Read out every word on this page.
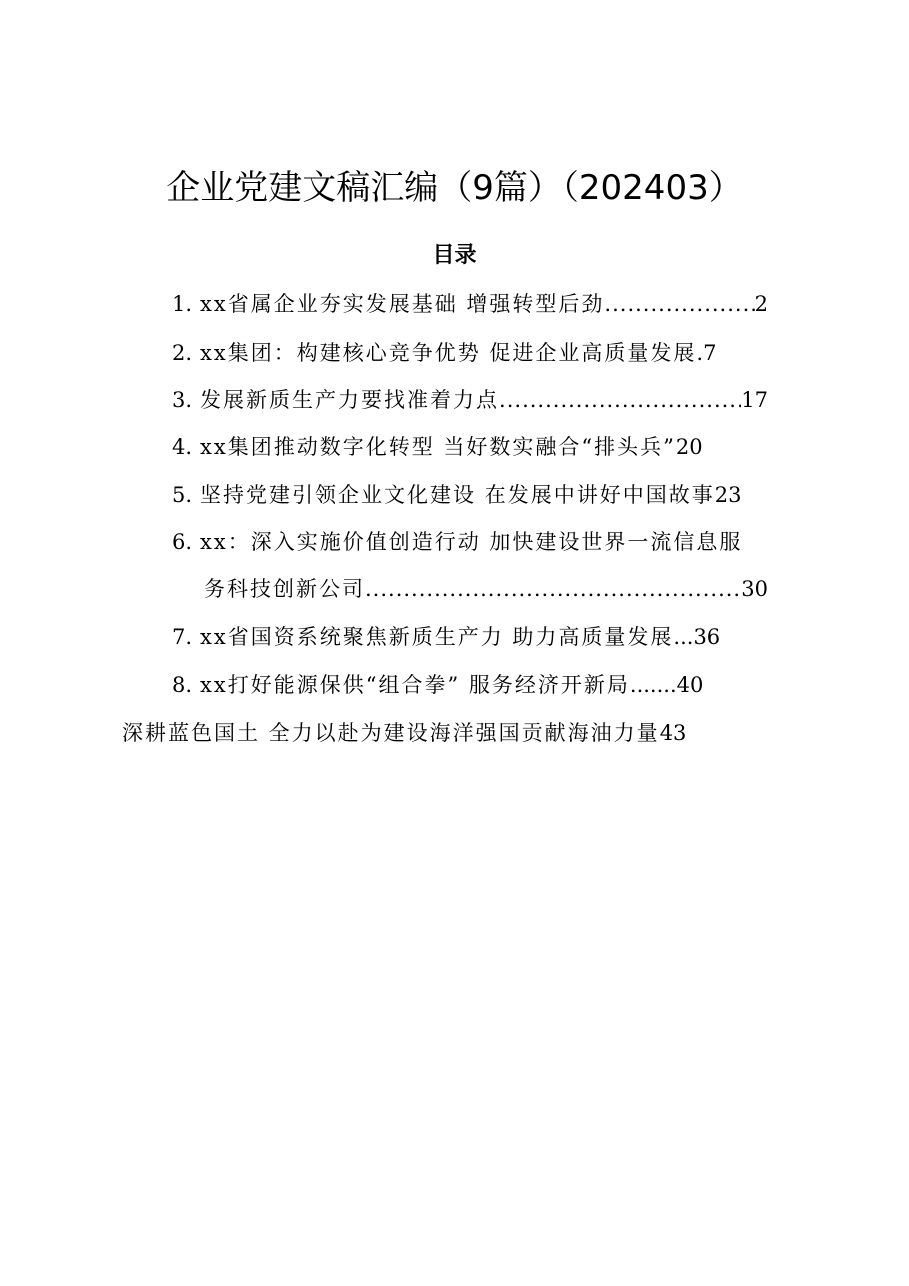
企业党建文稿汇编（9篇）（202403）
目录
1. xx省属企业夯实发展基础 增强转型后劲 .....	2
2. xx集团：构建核心竞争优势 促进企业高质量发展 .7
3. 发展新质生产力要找准着力点 .....	17
4. xx集团推动数字化转型 当好数实融合“排头兵” 20
5. 坚持党建引领企业文化建设 在发展中讲好中国故事 23
6. xx：深入实施价值创造行动 加快建设世界一流信息服
务科技创新公司 .....	30
7. xx省国资系统聚焦新质生产力 助力高质量发展 ...36
8. xx打好能源保供“组合拳” 服务经济开新局 .......40
深耕蓝色国土 全力以赴为建设海洋强国贡献海油力量 43
